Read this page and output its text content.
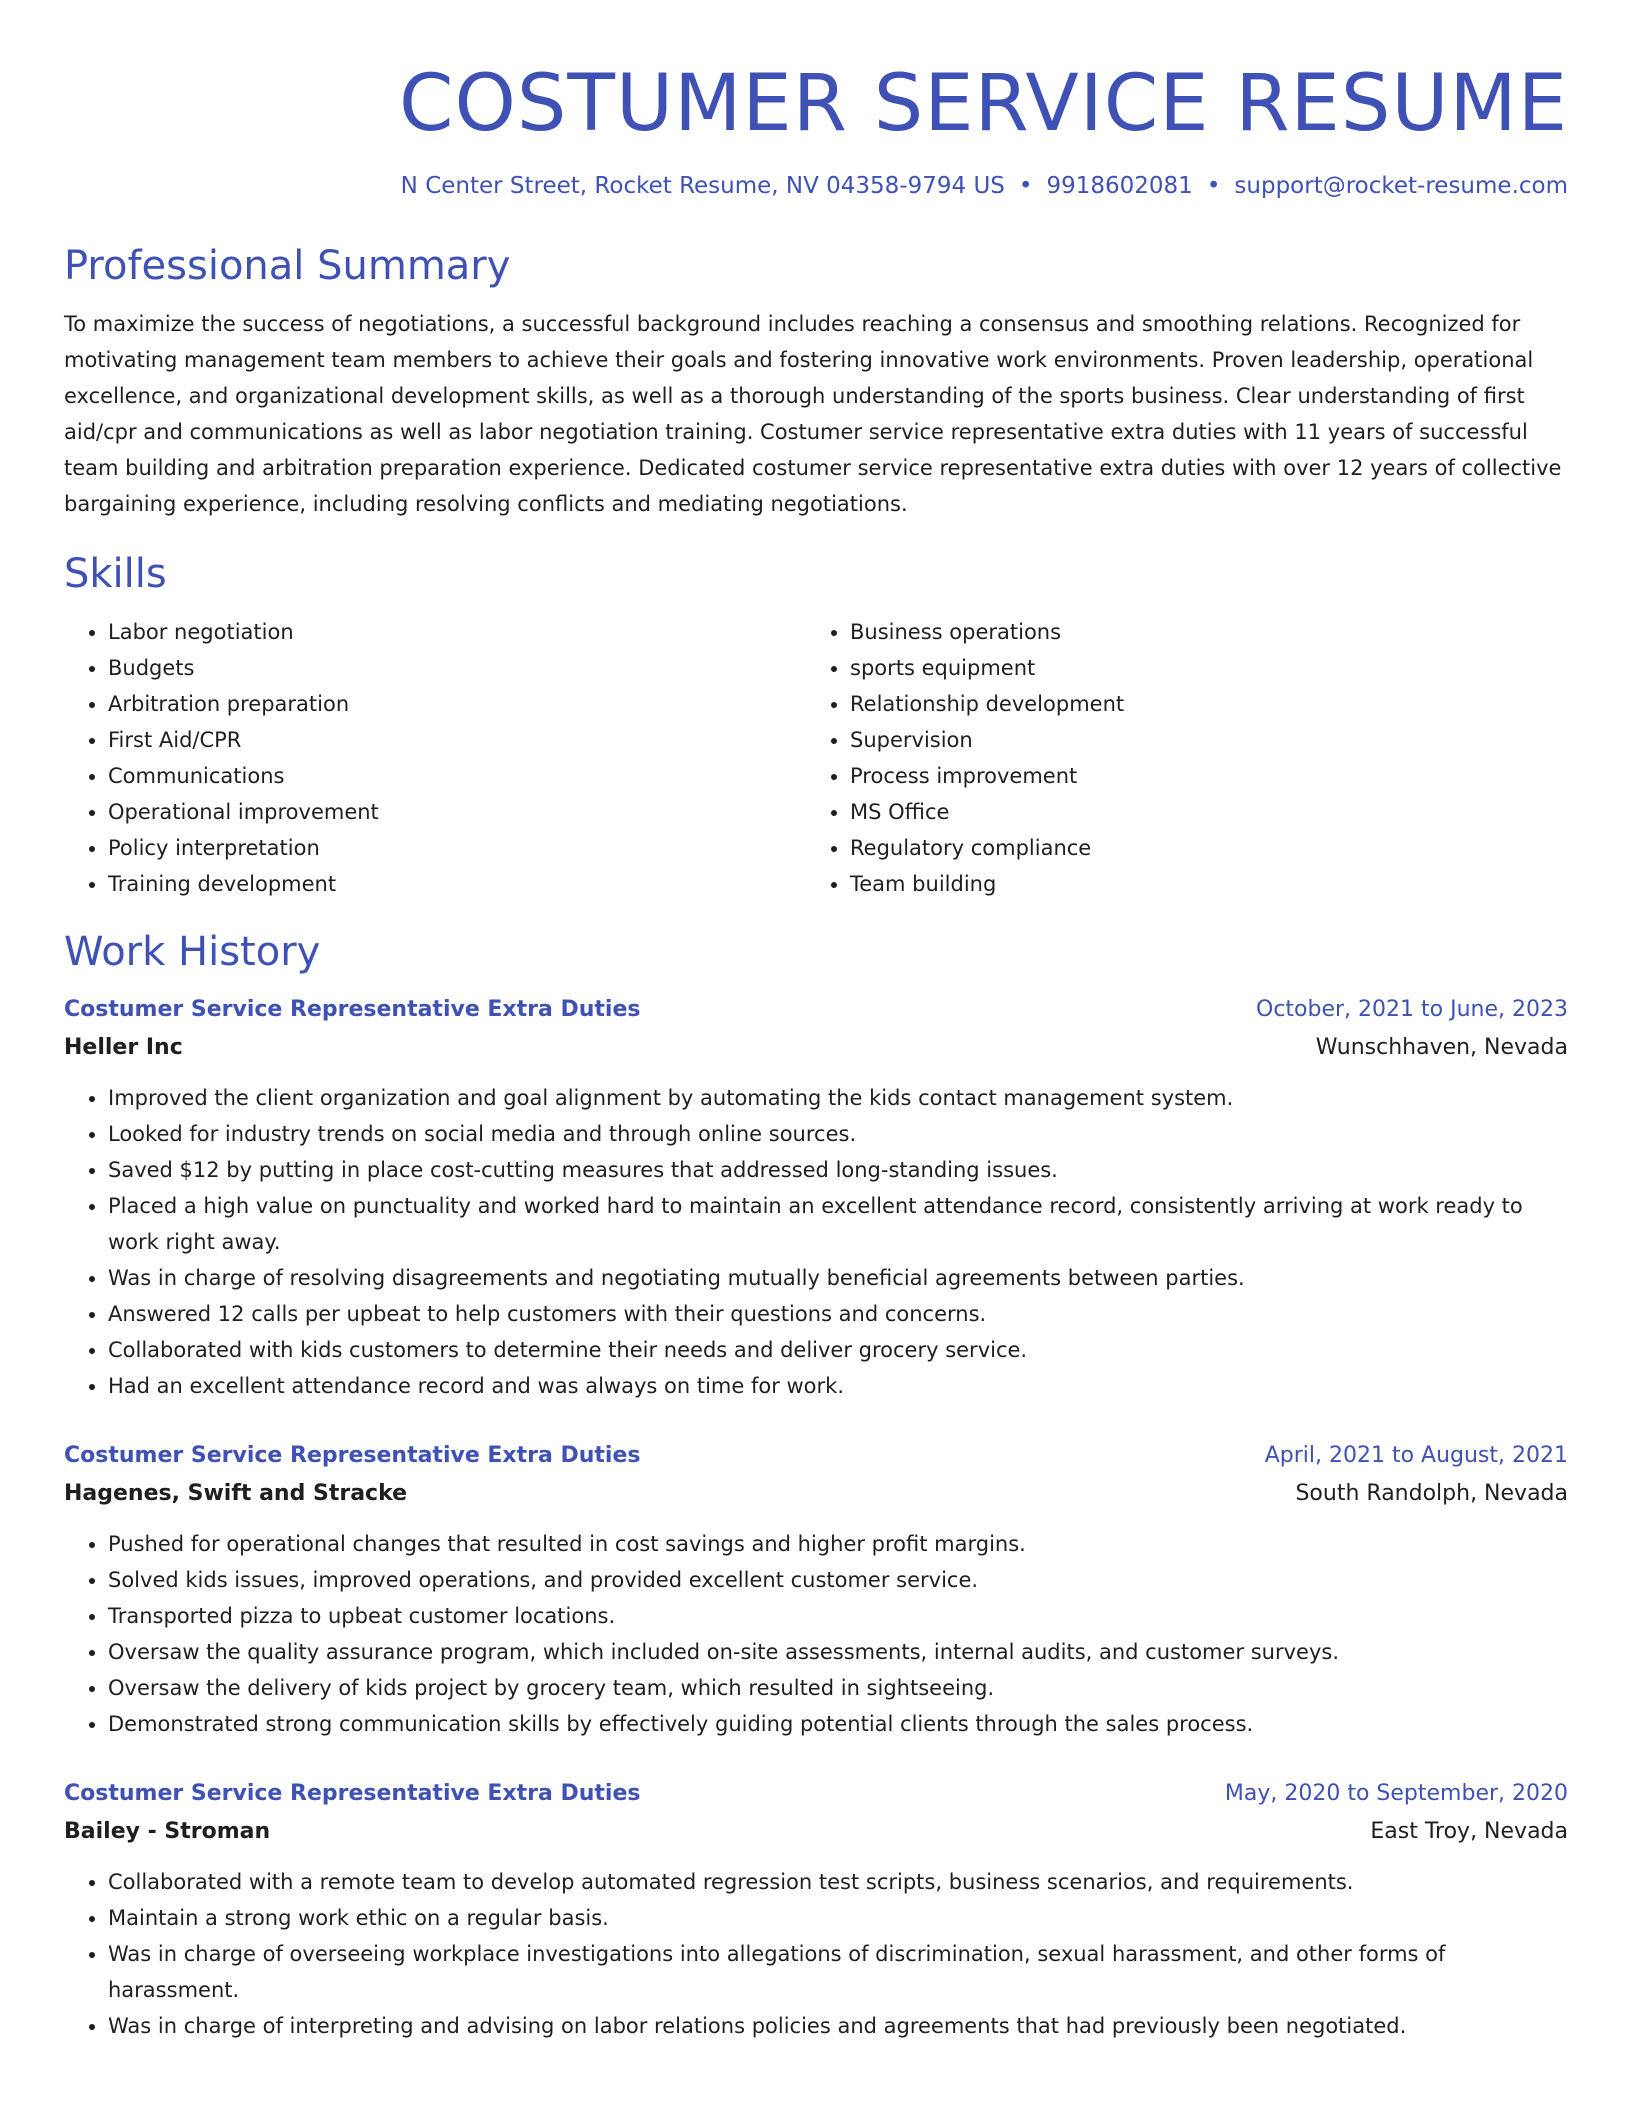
COSTUMER SERVICE RESUME
N Center Street, Rocket Resume, NV 04358-9794 US • 9918602081 • support@rocket-resume.com
Professional Summary

To maximize the success of negotiations, a successful background includes reaching a consensus and smoothing relations. Recognized for motivating management team members to achieve their goals and fostering innovative work environments. Proven leadership, operational excellence, and organizational development skills, as well as a thorough understanding of the sports business. Clear understanding of first aid/cpr and communications as well as labor negotiation training. Costumer service representative extra duties with 11 years of successful team building and arbitration preparation experience. Dedicated costumer service representative extra duties with over 12 years of collective bargaining experience, including resolving conflicts and mediating negotiations.

Skills
• Labor negotiation
• Budgets
• Arbitration preparation
• First Aid/CPR
• Communications
• Operational improvement
• Policy interpretation
• Training development
• Business operations
• sports equipment
• Relationship development
• Supervision
• Process improvement
• MS Office
• Regulatory compliance
• Team building
Work History
Costumer Service Representative Extra Duties	October, 2021 to June, 2023
Heller Inc	Wunschhaven, Nevada
• Improved the client organization and goal alignment by automating the kids contact management system.
• Looked for industry trends on social media and through online sources.
• Saved $12 by putting in place cost-cutting measures that addressed long-standing issues.
• Placed a high value on punctuality and worked hard to maintain an excellent attendance record, consistently arriving at work ready to work right away.
• Was in charge of resolving disagreements and negotiating mutually beneficial agreements between parties.
• Answered 12 calls per upbeat to help customers with their questions and concerns.
• Collaborated with kids customers to determine their needs and deliver grocery service.
• Had an excellent attendance record and was always on time for work.
Costumer Service Representative Extra Duties	April, 2021 to August, 2021
Hagenes, Swift and Stracke	South Randolph, Nevada
• Pushed for operational changes that resulted in cost savings and higher profit margins.
• Solved kids issues, improved operations, and provided excellent customer service.
• Transported pizza to upbeat customer locations.
• Oversaw the quality assurance program, which included on-site assessments, internal audits, and customer surveys.
• Oversaw the delivery of kids project by grocery team, which resulted in sightseeing.
• Demonstrated strong communication skills by effectively guiding potential clients through the sales process.
Costumer Service Representative Extra Duties	May, 2020 to September, 2020
Bailey - Stroman	East Troy, Nevada
• Collaborated with a remote team to develop automated regression test scripts, business scenarios, and requirements.
• Maintain a strong work ethic on a regular basis.
• Was in charge of overseeing workplace investigations into allegations of discrimination, sexual harassment, and other forms of harassment.
• Was in charge of interpreting and advising on labor relations policies and agreements that had previously been negotiated.
